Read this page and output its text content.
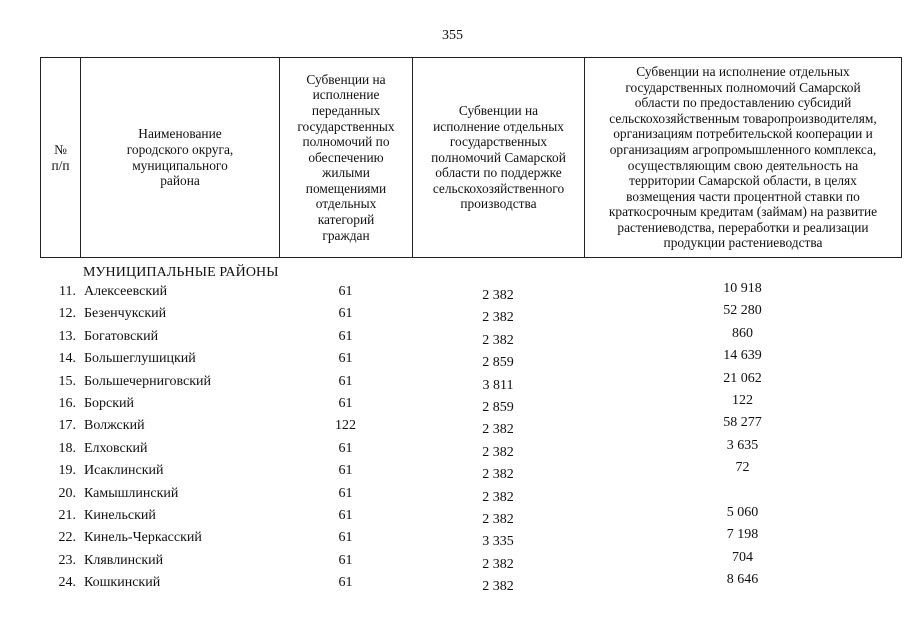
355
№
п/п

Наименование
городского округа,
муниципального
района

Субвенции на
исполнение
переданных
государственных
полномочий по
обеспечению
жилыми
помещениями
отдельных
категорий
граждан

Субвенции на
исполнение отдельных
государственных
полномочий Самарской
области по поддержке
сельскохозяйственного
производства

Субвенции на исполнение отдельных
государственных полномочий Самарской
области по предоставлению субсидий
сельскохозяйственным товаропроизводителям,
организациям потребительской кооперации и
организациям агропромышленного комплекса,
осуществляющим свою деятельность на
территории Самарской области, в целях
возмещения части процентной ставки по
краткосрочным кредитам (займам) на развитие
растениеводства, переработки и реализации
продукции растениеводства
МУНИЦИПАЛЬНЫЕ РАЙОНЫ
11. Алексеевский	61	2 382	10 918
12. Безенчукский	61	2 382	52 280
13. Богатовский	61	2 382	860
14. Большеглушицкий	61	2 859	14 639
15. Большечерниговский	61	3 811	21 062
16. Борский	61	2 859	122
17. Волжский	122	2 382	58 277
18. Елховский	61	2 382	3 635
19. Исаклинский	61	2 382	72
20. Камышлинский	61	2 382
21. Кинельский	61	2 382	5 060
22. Кинель-Черкасский	61	3 335	7 198
23. Клявлинский	61	2 382	704
24. Кошкинский	61	2 382	8 646
